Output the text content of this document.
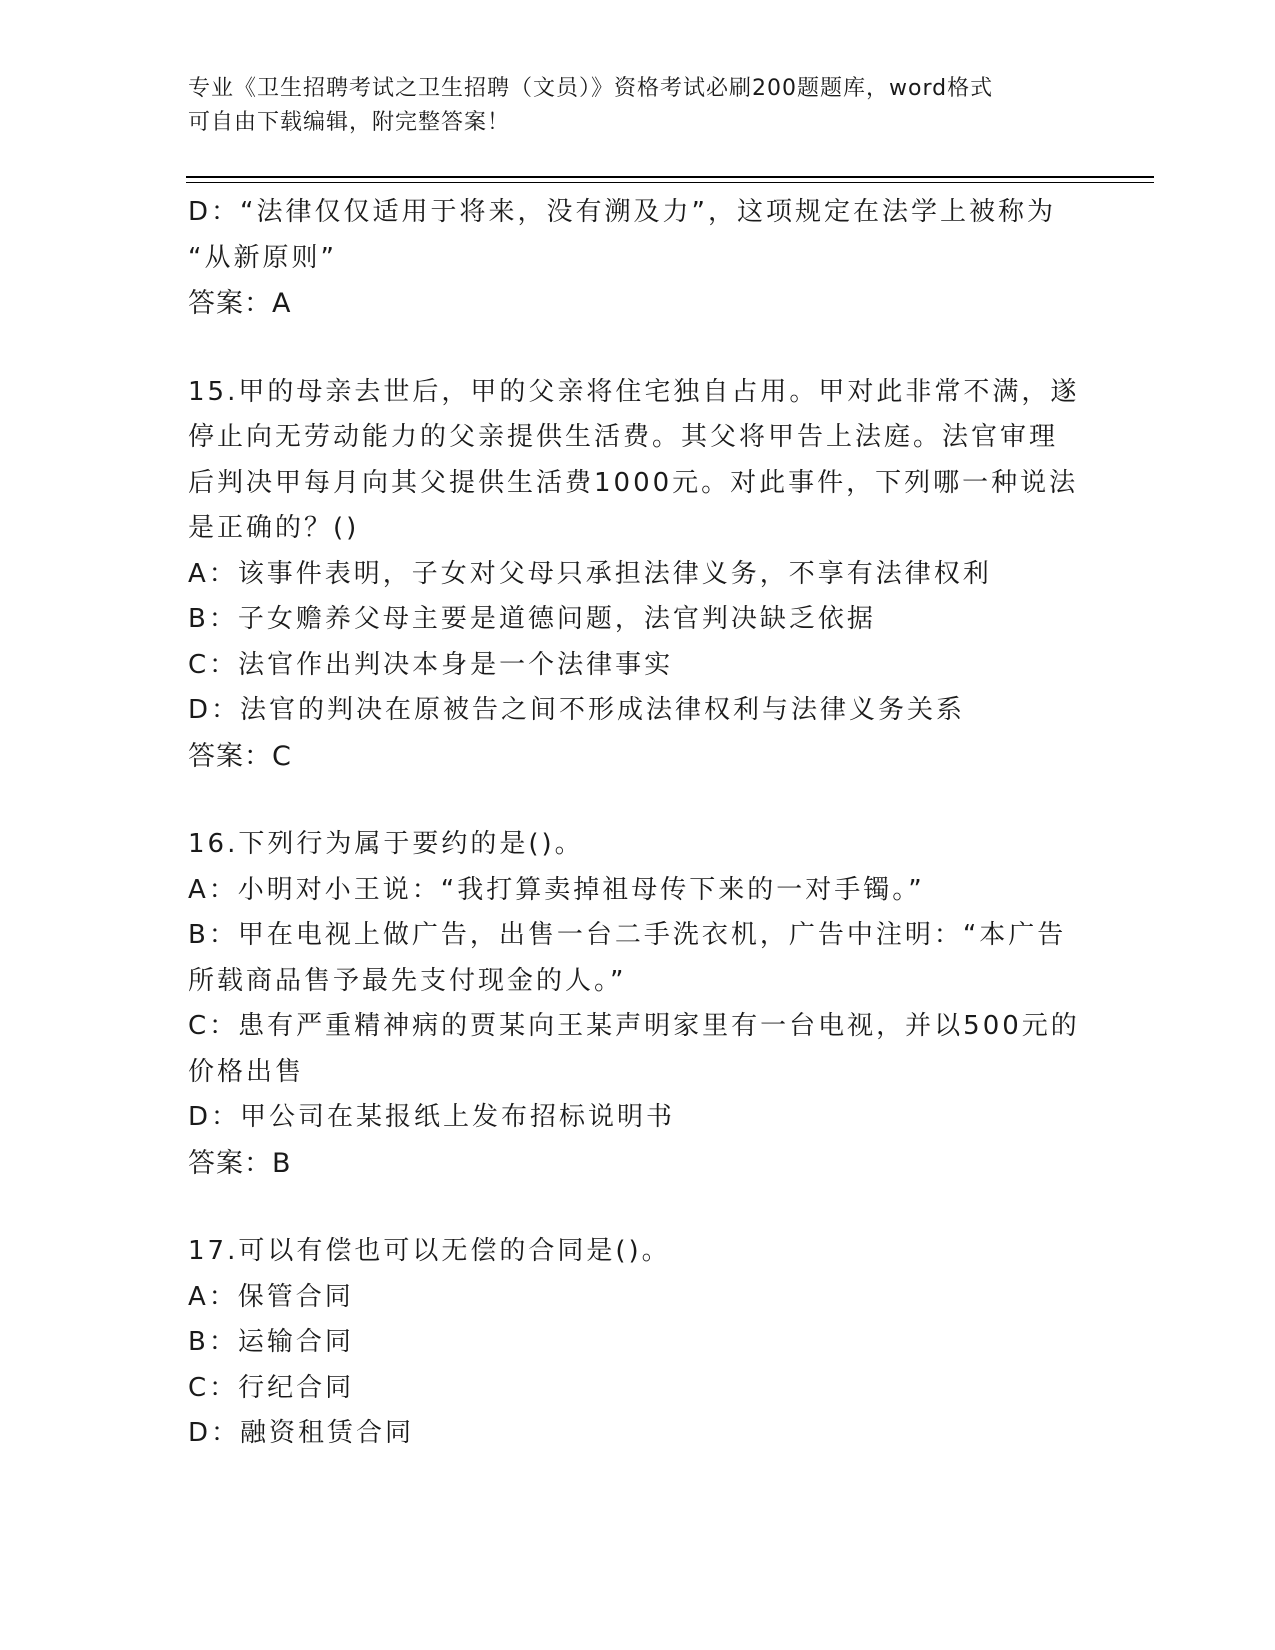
专业《卫生招聘考试之卫生招聘（文员）》资格考试必刷200题题库，word格式
可自由下载编辑，附完整答案！
D：“法律仅仅适用于将来，没有溯及力”，这项规定在法学上被称为
“从新原则”
答案：A
15.甲的母亲去世后，甲的父亲将住宅独自占用。甲对此非常不满，遂
停止向无劳动能力的父亲提供生活费。其父将甲告上法庭。法官审理
后判决甲每月向其父提供生活费1000元。对此事件，下列哪一种说法
是正确的？()
A：该事件表明，子女对父母只承担法律义务，不享有法律权利
B：子女赡养父母主要是道德问题，法官判决缺乏依据
C：法官作出判决本身是一个法律事实
D：法官的判决在原被告之间不形成法律权利与法律义务关系
答案：C
16.下列行为属于要约的是()。
A：小明对小王说：“我打算卖掉祖母传下来的一对手镯。”
B：甲在电视上做广告，出售一台二手洗衣机，广告中注明：“本广告
所载商品售予最先支付现金的人。”
C：患有严重精神病的贾某向王某声明家里有一台电视，并以500元的
价格出售
D：甲公司在某报纸上发布招标说明书
答案：B
17.可以有偿也可以无偿的合同是()。
A：保管合同
B：运输合同
C：行纪合同
D：融资租赁合同
